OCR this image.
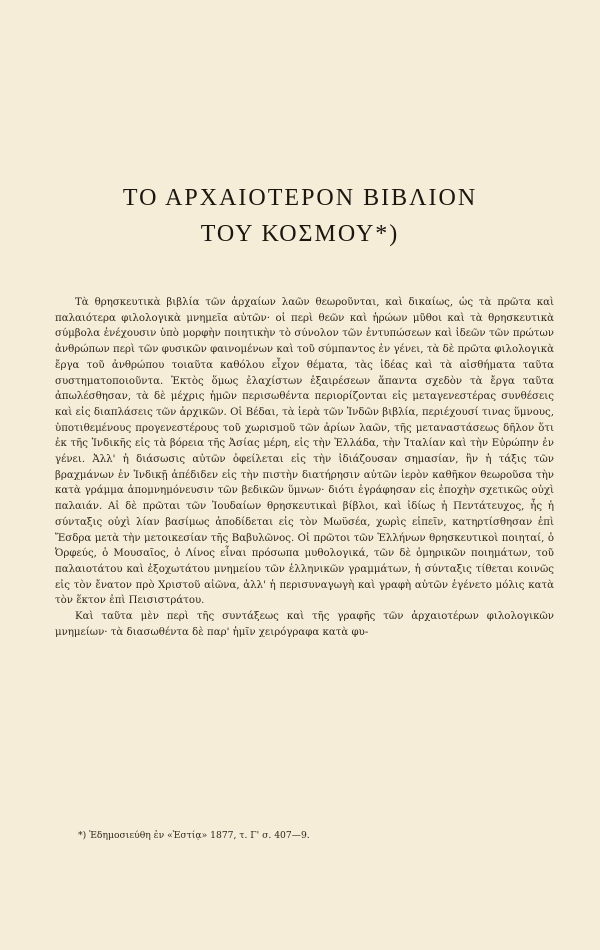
ΤΟ ΑΡΧΑΙΟΤΕΡΟΝ ΒΙΒΛΙΟΝ
ΤΟΥ ΚΟΣΜΟΥ*)

Τὰ θρησκευτικὰ βιβλία τῶν ἀρχαίων λαῶν θεωροῦνται, καὶ δικαίως, ὡς τὰ πρῶτα καὶ παλαιότερα φιλολογικὰ μνημεῖα αὐτῶν· οἱ περὶ θεῶν καὶ ἡρώων μῦθοι καὶ τὰ θρησκευτικὰ σύμβολα ἐνέχουσιν ὑπὸ μορφὴν ποιητικὴν τὸ σύνολον τῶν ἐντυπώσεων καὶ ἰδεῶν τῶν πρώτων ἀνθρώπων περὶ τῶν φυσικῶν φαινομένων καὶ τοῦ σύμπαντος ἐν γένει, τὰ δὲ πρῶτα φιλολογικὰ ἔργα τοῦ ἀνθρώπου τοιαῦτα καθόλου εἶχον θέματα, τὰς ἰδέας καὶ τὰ αἰσθήματα ταῦτα συστηματοποιοῦντα. Ἐκτὸς ὅμως ἐλαχίστων ἐξαιρέσεων ἅπαντα σχεδὸν τὰ ἔργα ταῦτα ἀπωλέσθησαν, τὰ δὲ μέχρις ἡμῶν περισωθέντα περιορίζονται εἰς μεταγενεστέρας συνθέσεις καὶ εἰς διαπλάσεις τῶν ἀρχικῶν. Οἱ Βέδαι, τὰ ἱερὰ τῶν Ἰνδῶν βιβλία, περιέχουσί τινας ὕμνους, ὑποτιθεμένους προγενεστέρους τοῦ χωρισμοῦ τῶν ἀρίων λαῶν, τῆς μεταναστάσεως δῆλον ὅτι ἐκ τῆς Ἰνδικῆς εἰς τὰ βόρεια τῆς Ἀσίας μέρη, εἰς τὴν Ἑλλάδα, τὴν Ἰταλίαν καὶ τὴν Εὐρώπην ἐν γένει. Ἀλλ' ἡ διάσωσις αὐτῶν ὀφείλεται εἰς τὴν ἰδιάζουσαν σημασίαν, ἣν ἡ τάξις τῶν βραχμάνων ἐν Ἰνδικῇ ἀπέδιδεν εἰς τὴν πιστὴν διατήρησιν αὐτῶν ἱερὸν καθῆκον θεωροῦσα τὴν κατὰ γράμμα ἀπομνημόνευσιν τῶν βεδικῶν ὕμνων· διότι ἐγράφησαν εἰς ἐποχὴν σχετικῶς οὐχὶ παλαιάν. Αἱ δὲ πρῶται τῶν Ἰουδαίων θρησκευτικαὶ βίβλοι, καὶ ἰδίως ἡ Πεντάτευχος, ἧς ἡ σύνταξις οὐχὶ λίαν βασίμως ἀποδίδεται εἰς τὸν Μωϋσέα, χωρὶς εἰπεῖν, κατηρτίσθησαν ἐπὶ Ἔσδρα μετὰ τὴν μετοικεσίαν τῆς Βαβυλῶνος. Οἱ πρῶτοι τῶν Ἑλλήνων θρησκευτικοὶ ποιηταί, ὁ Ὀρφεύς, ὁ Μουσαῖος, ὁ Λίνος εἶναι πρόσωπα μυθολογικά, τῶν δὲ ὁμηρικῶν ποιημάτων, τοῦ παλαιοτάτου καὶ ἐξοχωτάτου μνημείου τῶν ἑλληνικῶν γραμμάτων, ἡ σύνταξις τίθεται κοινῶς εἰς τὸν ἔνατον πρὸ Χριστοῦ αἰῶνα, ἀλλ' ἡ περισυναγωγὴ καὶ γραφὴ αὐτῶν ἐγένετο μόλις κατὰ τὸν ἕκτον ἐπὶ Πεισιστράτου.

Καὶ ταῦτα μὲν περὶ τῆς συντάξεως καὶ τῆς γραφῆς τῶν ἀρχαιοτέρων φιλολογικῶν μνημείων· τὰ διασωθέντα δὲ παρ' ἡμῖν χειρόγραφα κατὰ φυ-

*) Ἐδημοσιεύθη ἐν «Ἑστίᾳ» 1877, τ. Γ' σ. 407—9.
